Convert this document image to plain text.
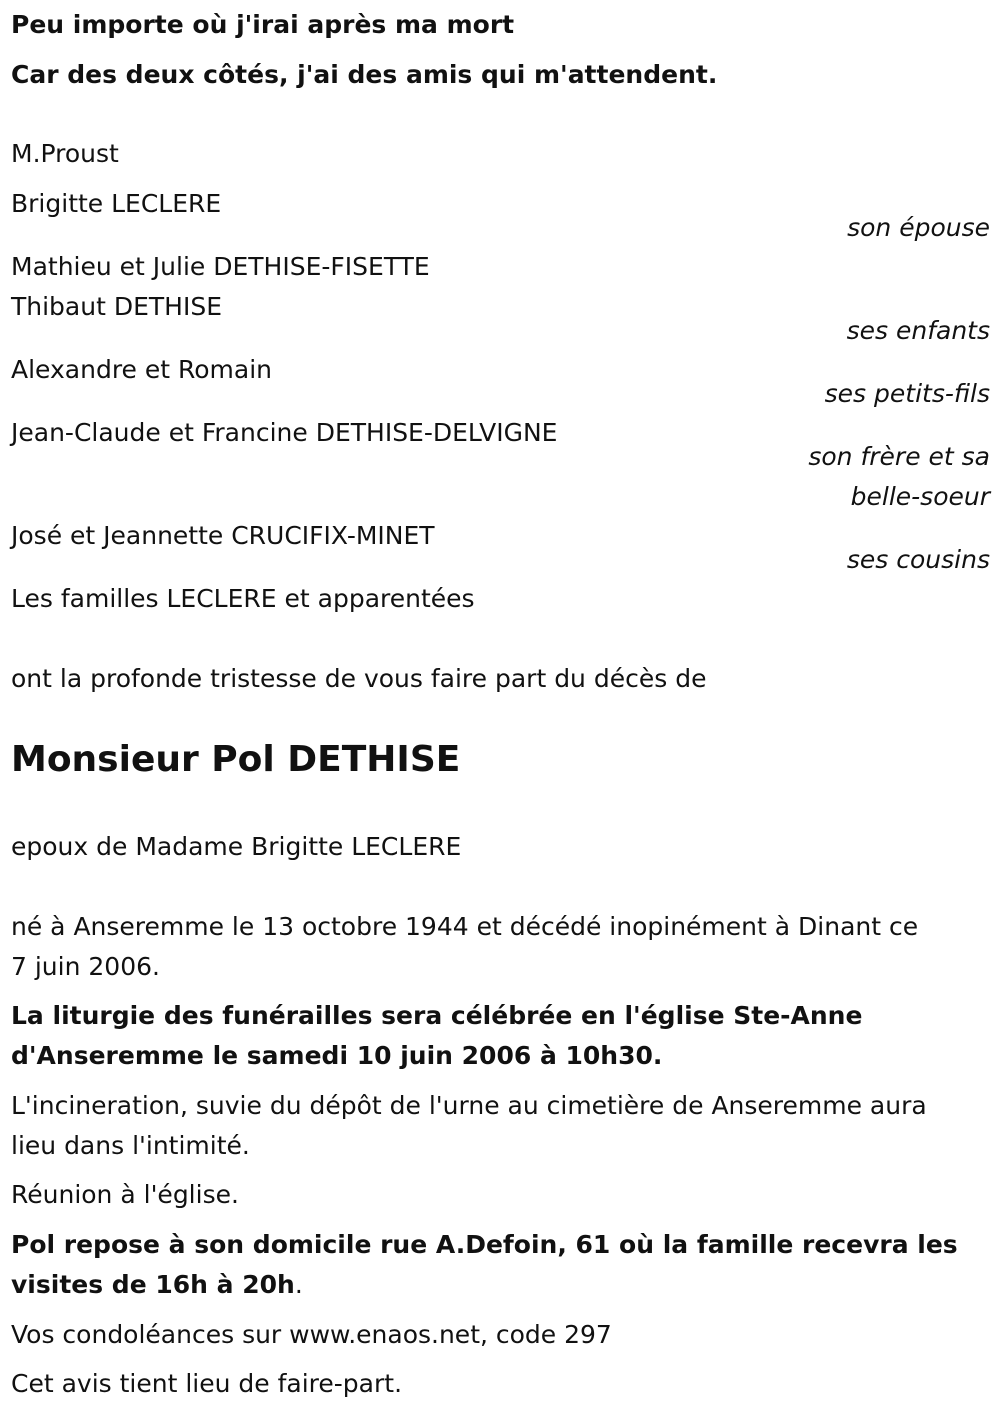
Peu importe où j'irai après ma mort
Car des deux côtés, j'ai des amis qui m'attendent.
M.Proust
Brigitte LECLERE
son épouse
Mathieu et Julie DETHISE-FISETTE
Thibaut DETHISE
ses enfants
Alexandre et Romain
ses petits-fils
Jean-Claude et Francine DETHISE-DELVIGNE
son frère et sa
belle-soeur
José et Jeannette CRUCIFIX-MINET
ses cousins
Les familles LECLERE et apparentées
ont la profonde tristesse de vous faire part du décès de
Monsieur Pol DETHISE
epoux de Madame Brigitte LECLERE
né à Anseremme le 13 octobre 1944 et décédé inopinément à Dinant ce
7 juin 2006.
La liturgie des funérailles sera célébrée en l'église Ste-Anne
d'Anseremme le samedi 10 juin 2006 à 10h30.
L'incineration, suvie du dépôt de l'urne au cimetière de Anseremme aura
lieu dans l'intimité.
Réunion à l'église.
Pol repose à son domicile rue A.Defoin, 61 où la famille recevra les
visites de 16h à 20h.
Vos condoléances sur www.enaos.net, code 297
Cet avis tient lieu de faire-part.
